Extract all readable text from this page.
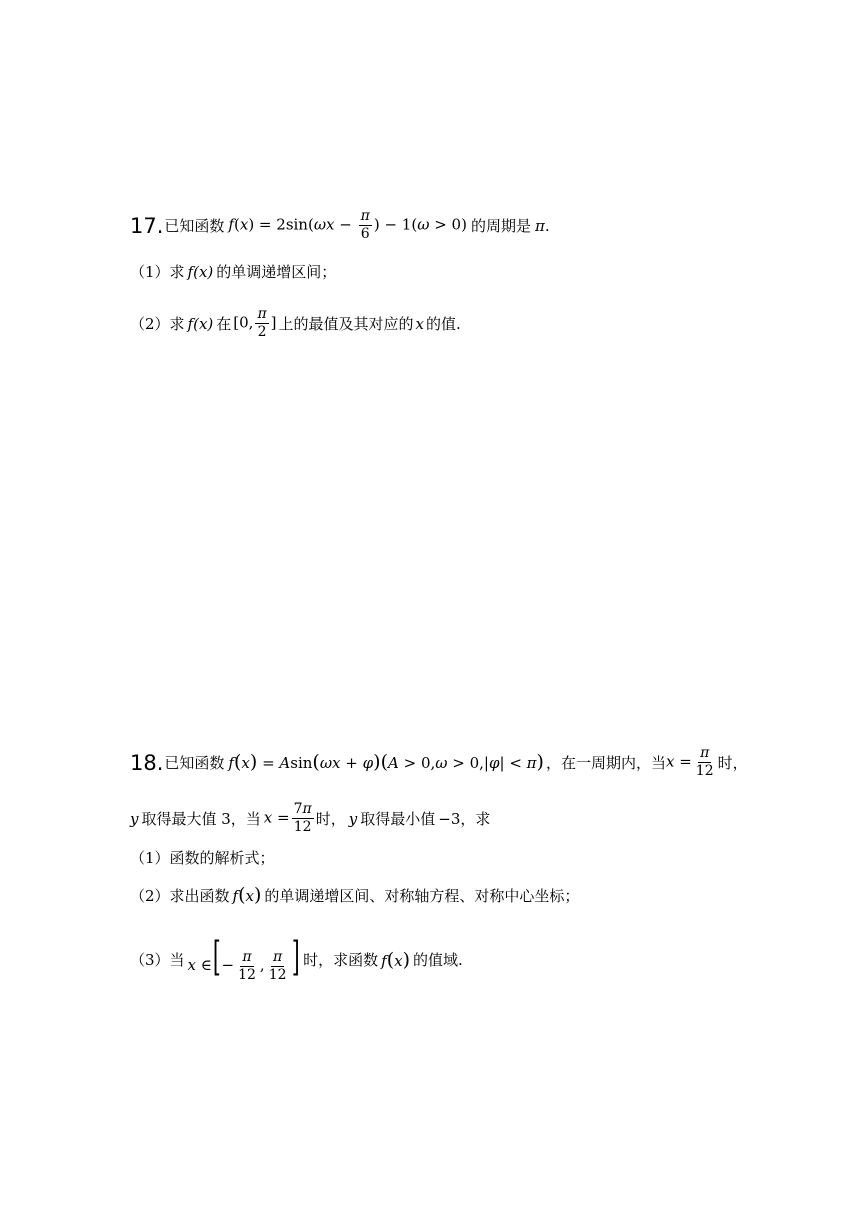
17. 已知函数 $f(x) = 2\sin(\omega x - \frac{\pi}{6}$ ) − 1(ω > 0) 的周期是 π .
（1）求 f(x) 的单调递增区间；
（2）求 f(x) 在 [0, $\frac{\pi}{2}$ ] 上的最值及其对应的 x 的值.
18. 已知函数 f(x) = Asin(ωx + φ)(A > 0,ω > 0,|φ| < π) ，在一周期内，当 $x = \frac{\pi}{12}$ 时，
y 取得最大值 3，当 $x = \frac{7\pi}{12}$ 时， y 取得最小值 −3 ，求
（1）函数的解析式；
（2）求出函数 f(x) 的单调递增区间、对称轴方程、对称中心坐标；
（3）当 x ∈[− $\frac{\pi}{12}$ , $\frac{\pi}{12}$ ] 时，求函数 f(x) 的值域.
